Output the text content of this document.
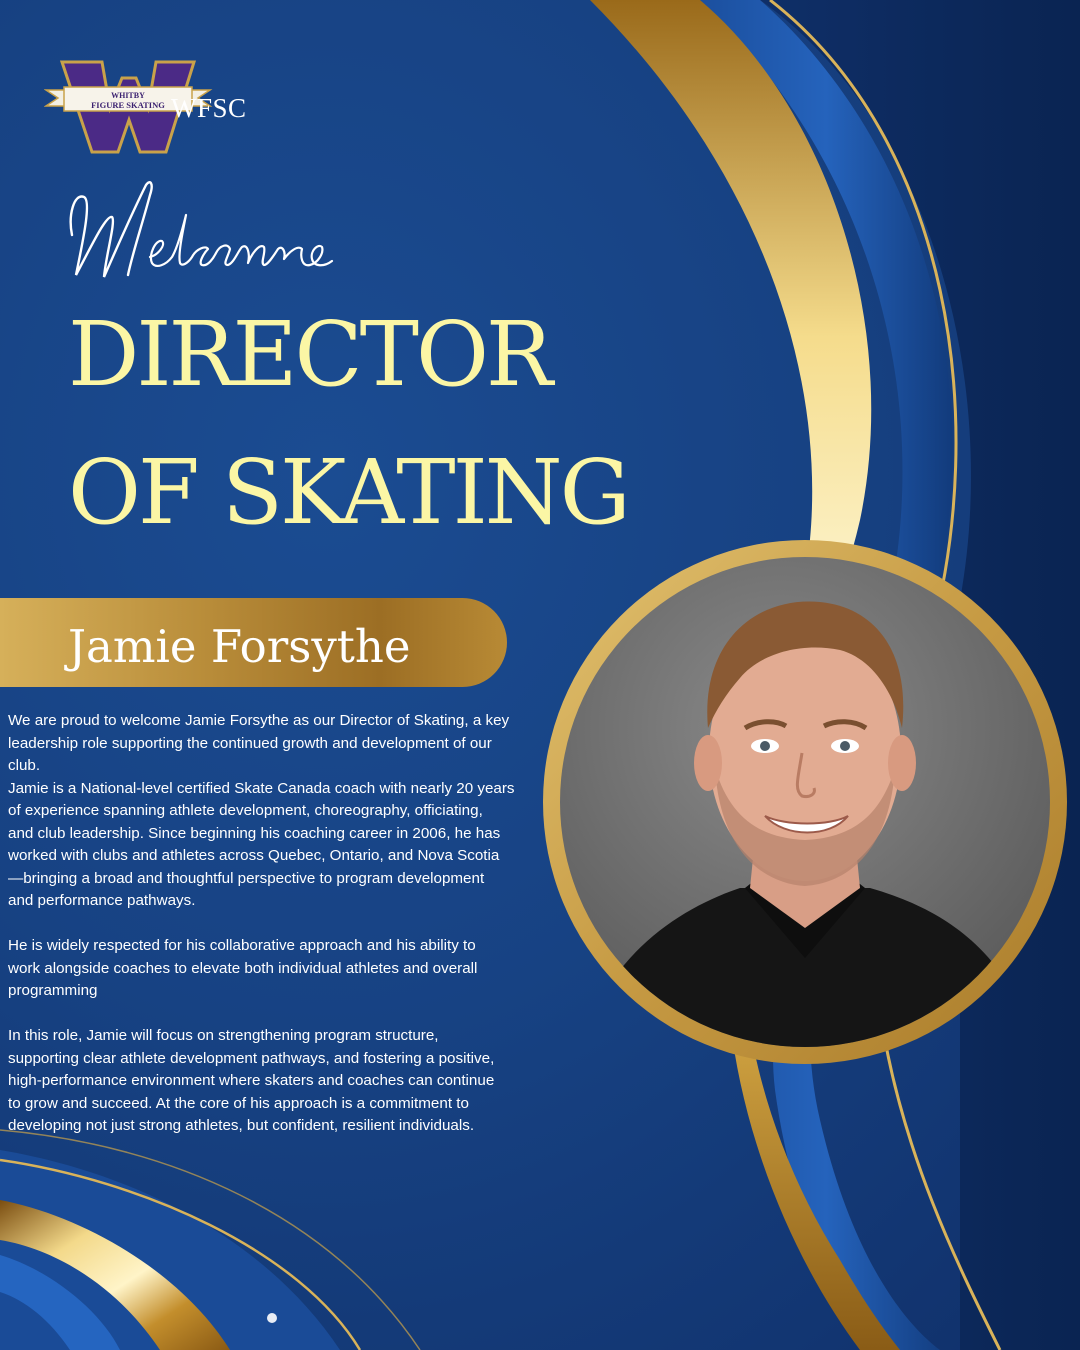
WHITBY
FIGURE SKATING WFSC
DIRECTOR
OF SKATING
Jamie Forsythe

We are proud to welcome Jamie Forsythe as our Director of Skating, a key
leadership role supporting the continued growth and development of our
club.

Jamie is a National-level certified Skate Canada coach with nearly 20 years
of experience spanning athlete development, choreography, officiating,
and club leadership. Since beginning his coaching career in 2006, he has
worked with clubs and athletes across Quebec, Ontario, and Nova Scotia
—bringing a broad and thoughtful perspective to program development
and performance pathways.

He is widely respected for his collaborative approach and his ability to
work alongside coaches to elevate both individual athletes and overall
programming

In this role, Jamie will focus on strengthening program structure,
supporting clear athlete development pathways, and fostering a positive,
high-performance environment where skaters and coaches can continue
to grow and succeed. At the core of his approach is a commitment to
developing not just strong athletes, but confident, resilient individuals.
